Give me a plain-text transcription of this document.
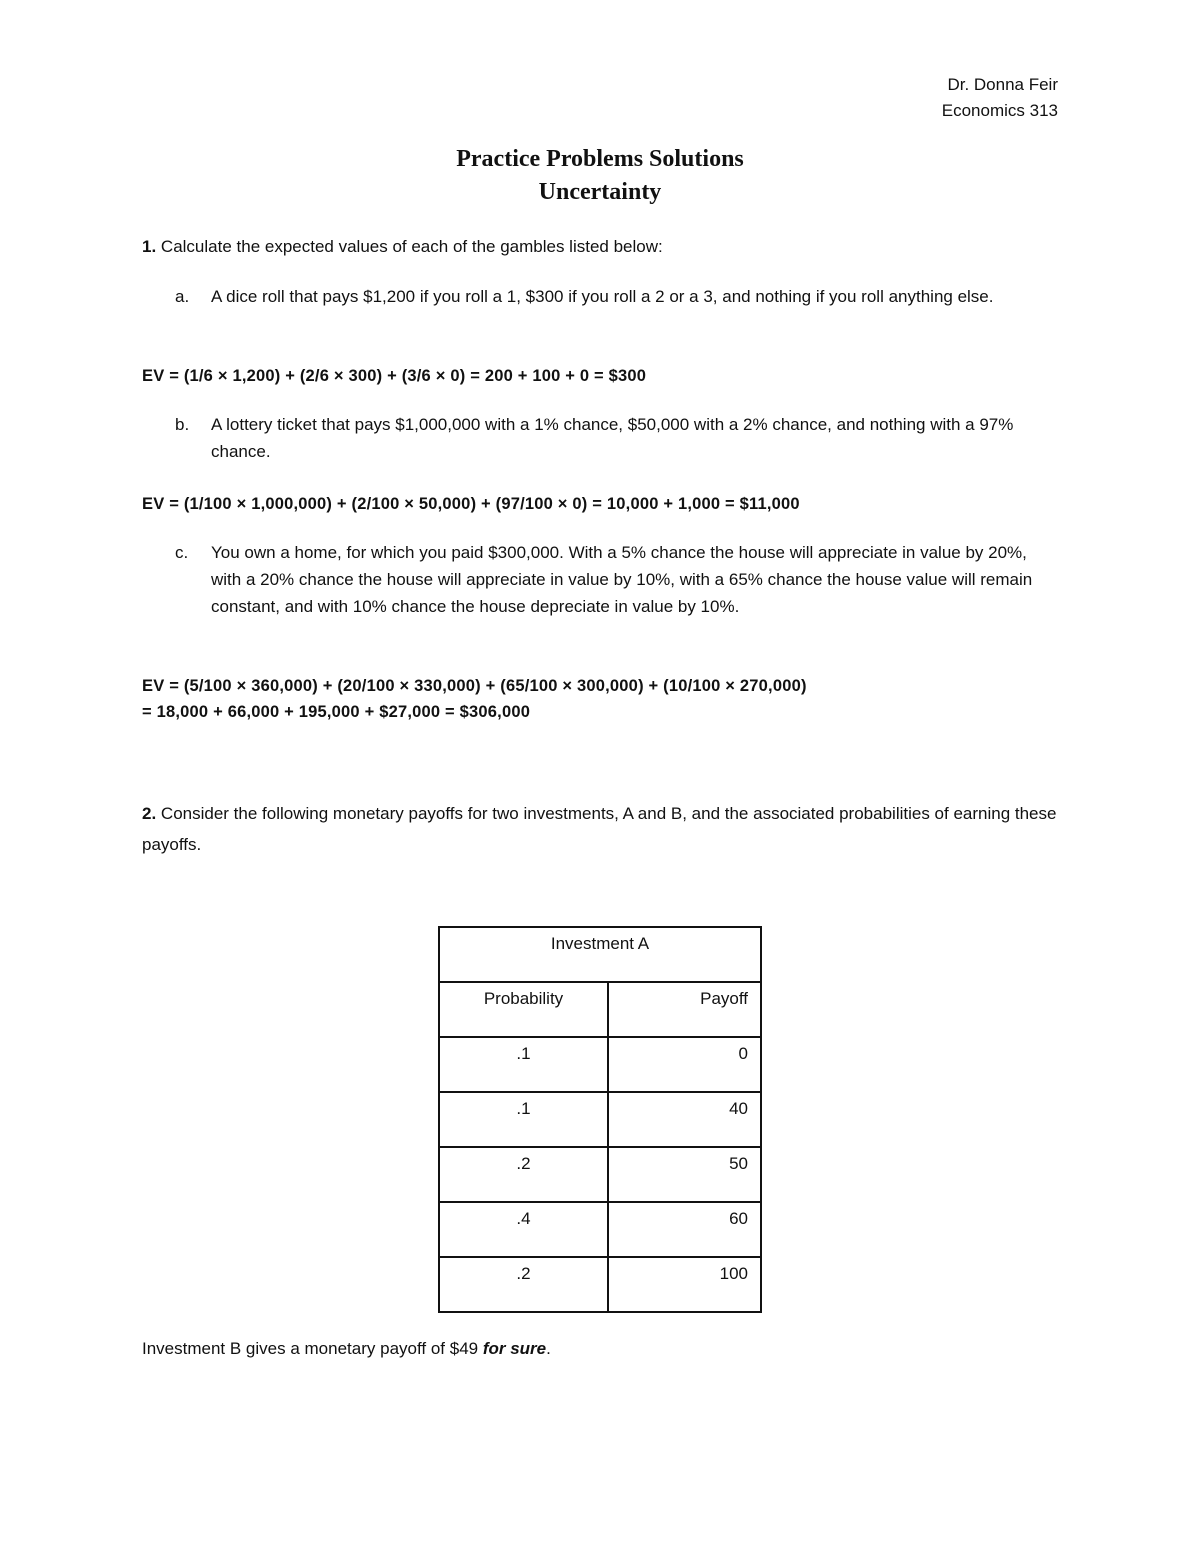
Dr. Donna Feir
Economics 313
Practice Problems Solutions
Uncertainty
1. Calculate the expected values of each of the gambles listed below:
a.	A dice roll that pays $1,200 if you roll a 1, $300 if you roll a 2 or a 3, and nothing if you roll anything else.
EV = (1/6 × 1,200) + (2/6 × 300) + (3/6 × 0) = 200 + 100 + 0 = $300
b.	A lottery ticket that pays $1,000,000 with a 1% chance, $50,000 with a 2% chance, and nothing with a 97% chance.
EV = (1/100 × 1,000,000) + (2/100 × 50,000) + (97/100 × 0) = 10,000 + 1,000 = $11,000
c.	You own a home, for which you paid $300,000. With a 5% chance the house will appreciate in value by 20%, with a 20% chance the house will appreciate in value by 10%, with a 65% chance the house value will remain constant, and with 10% chance the house depreciate in value by 10%.
EV = (5/100 × 360,000) + (20/100 × 330,000) + (65/100 × 300,000) + (10/100 × 270,000)
= 18,000 + 66,000 + 195,000 + $27,000 = $306,000
2. Consider the following monetary payoffs for two investments, A and B, and the associated probabilities of earning these payoffs.
Investment A	
Probability	Payoff
.1	0
.1	40
.2	50
.4	60
.2	100
Investment B gives a monetary payoff of $49 for sure.
